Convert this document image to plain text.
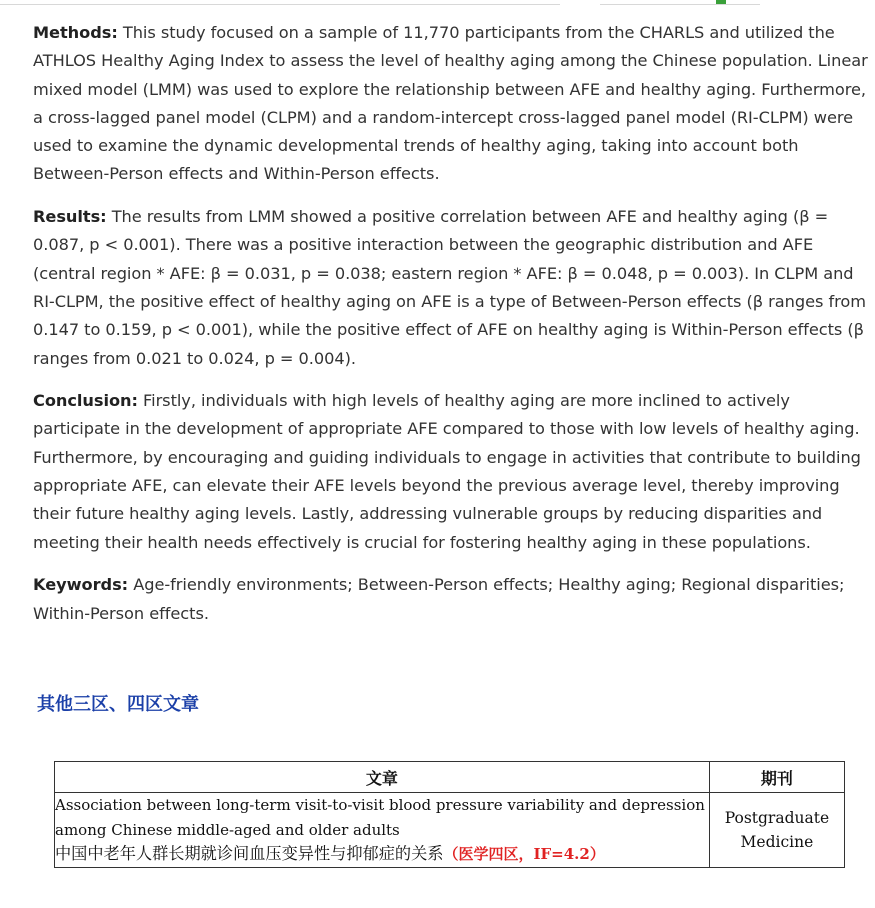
Methods: This study focused on a sample of 11,770 participants from the CHARLS and utilized the ATHLOS Healthy Aging Index to assess the level of healthy aging among the Chinese population. Linear mixed model (LMM) was used to explore the relationship between AFE and healthy aging. Furthermore, a cross-lagged panel model (CLPM) and a random-intercept cross-lagged panel model (RI-CLPM) were used to examine the dynamic developmental trends of healthy aging, taking into account both Between-Person effects and Within-Person effects.

Results: The results from LMM showed a positive correlation between AFE and healthy aging (β = 0.087, p < 0.001). There was a positive interaction between the geographic distribution and AFE (central region * AFE: β = 0.031, p = 0.038; eastern region * AFE: β = 0.048, p = 0.003). In CLPM and RI-CLPM, the positive effect of healthy aging on AFE is a type of Between-Person effects (β ranges from 0.147 to 0.159, p < 0.001), while the positive effect of AFE on healthy aging is Within-Person effects (β ranges from 0.021 to 0.024, p = 0.004).

Conclusion: Firstly, individuals with high levels of healthy aging are more inclined to actively participate in the development of appropriate AFE compared to those with low levels of healthy aging. Furthermore, by encouraging and guiding individuals to engage in activities that contribute to building appropriate AFE, can elevate their AFE levels beyond the previous average level, thereby improving their future healthy aging levels. Lastly, addressing vulnerable groups by reducing disparities and meeting their health needs effectively is crucial for fostering healthy aging in these populations.

Keywords: Age-friendly environments; Between-Person effects; Healthy aging; Regional disparities; Within-Person effects.

其他三区、四区文章
文章	期刊

Association between long-term visit-to-visit blood pressure variability and depression
among Chinese middle-aged and older adults
中国中老年人群长期就诊间血压变异性与抑郁症的关系（医学四区，IF=4.2）	Postgraduate
Medicine
